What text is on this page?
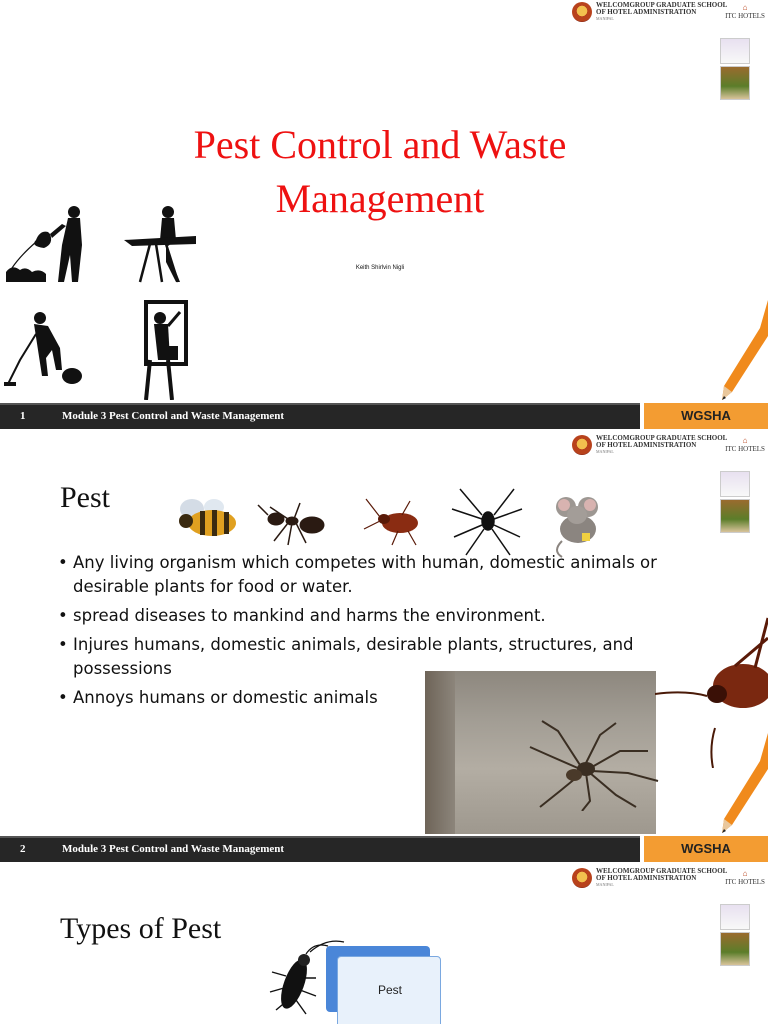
WELCOMGROUP GRADUATE SCHOOL
OF HOTEL ADMINISTRATION
MANIPAL
⌂
ITC HOTELS
Pest Control and Waste Management
Keith Shirlvin Nigli
1	Module 3 Pest Control and Waste Management	WGSHA
WELCOMGROUP GRADUATE SCHOOL
OF HOTEL ADMINISTRATION
MANIPAL
⌂
ITC HOTELS
Pest
• Any living organism which competes with human, domestic animals or desirable plants for food or water.
• spread diseases to mankind and harms the environment.
• Injures humans, domestic animals, desirable plants, structures, and possessions
• Annoys humans or domestic animals
2	Module 3 Pest Control and Waste Management	WGSHA
WELCOMGROUP GRADUATE SCHOOL
OF HOTEL ADMINISTRATION
MANIPAL
⌂
ITC HOTELS
Types of Pest
Pest
